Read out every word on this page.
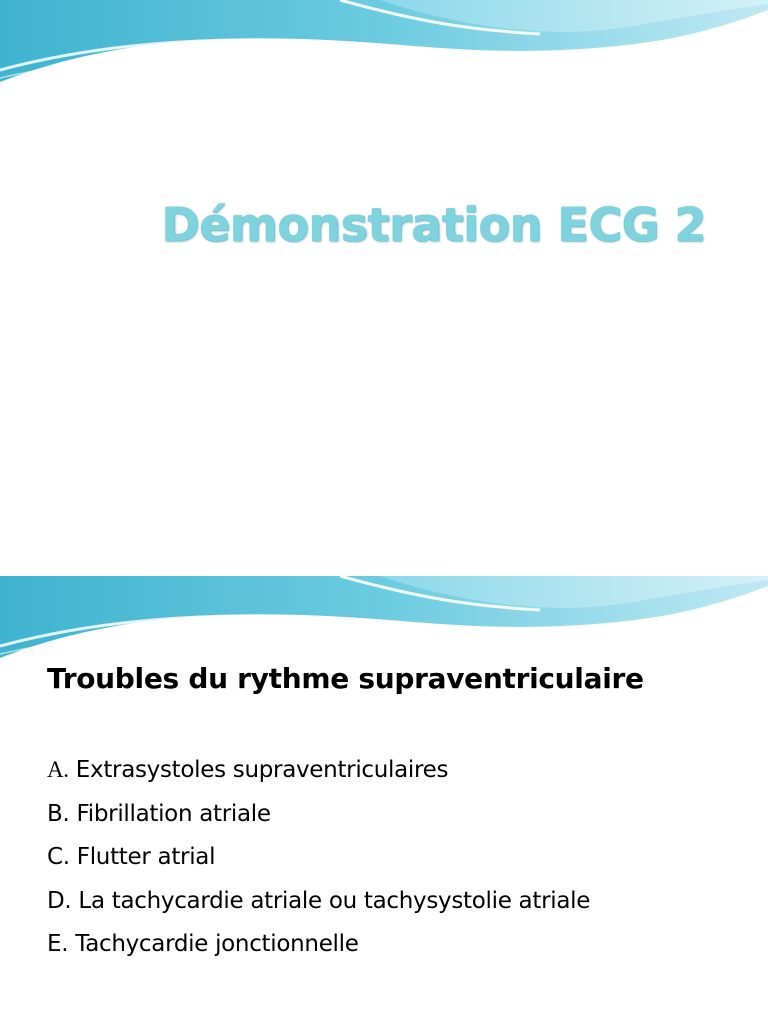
Démonstration ECG 2
Troubles du rythme supraventriculaire
A. Extrasystoles supraventriculaires
B. Fibrillation atriale
C. Flutter atrial
D. La tachycardie atriale ou tachysystolie atriale
E. Tachycardie jonctionnelle
